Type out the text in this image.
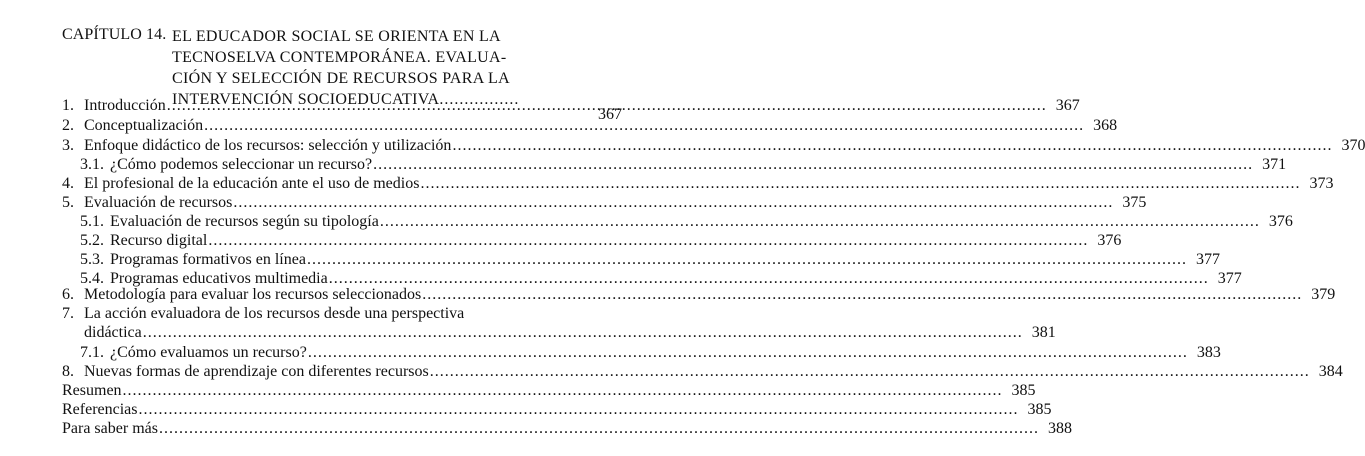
CAPÍTULO 14. EL EDUCADOR SOCIAL SE ORIENTA EN LA
TECNOSELVA CONTEMPORÁNEA. EVALUA-
CIÓN Y SELECCIÓN DE RECURSOS PARA LA
INTERVENCIÓN SOCIOEDUCATIVA................
367
1. Introducción .....	367
2. Conceptualización .....	368
3. Enfoque didáctico de los recursos: selección y utilización .....	370
3.1. ¿Cómo podemos seleccionar un recurso? .....	371
4. El profesional de la educación ante el uso de medios .....	373
5. Evaluación de recursos .....	375
5.1. Evaluación de recursos según su tipología .....	376
5.2. Recurso digital .....	376
5.3. Programas formativos en línea .....	377
5.4. Programas educativos multimedia .....	377
6. Metodología para evaluar los recursos seleccionados .....	379
7. La acción evaluadora de los recursos desde una perspectiva
didáctica .....	381
7.1. ¿Cómo evaluamos un recurso? .....	383
8. Nuevas formas de aprendizaje con diferentes recursos .....	384
Resumen .....	385
Referencias .....	385
Para saber más .....	388
